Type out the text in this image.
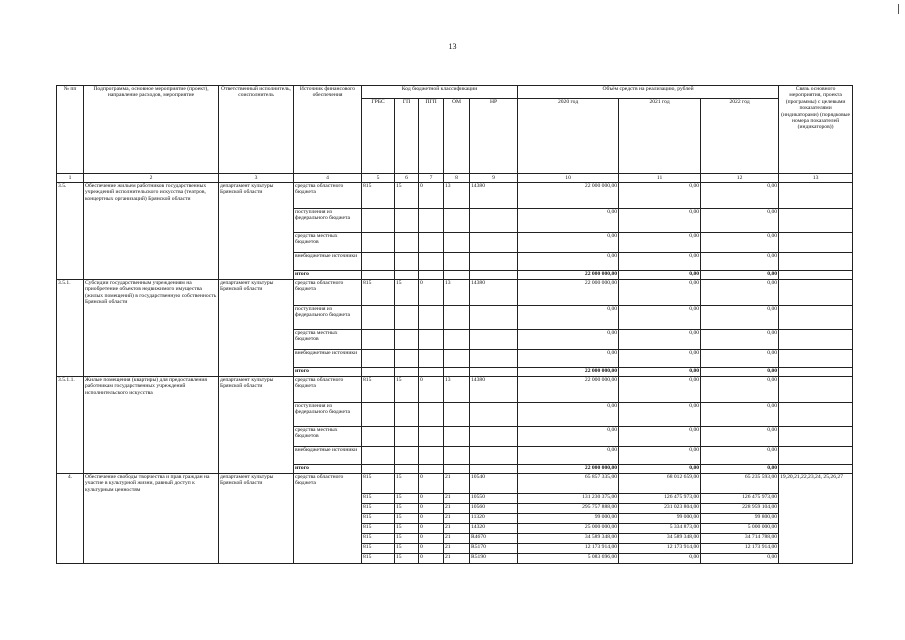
13
№ пп	Подпрограмма, основное мероприятие (проект), направление расходов, мероприятие	Ответственный исполнитель, соисполнитель	Источник финансового обеспечения	Код бюджетной классификации					Объём средств на реализацию, рублей			Связь основного мероприятия, проекта (программы) с целевыми показателями (индикаторами) (порядковые номера показателей (индикаторов))
				ГРБС	ГП	ПГП	ОМ	НР	2020 год	2021 год	2022 год	
1	2	3	4	5	6	7	8	9	10	11	12	13
3.5.	Обеспечение жильем работников государственных учреждений исполнительского искусства (театров, концертных организаций) Брянской области	департамент культуры Брянской области	средства областного бюджета	815	15	0	13	14380	22 000 000,00	0,00	0,00	
			поступления из федерального бюджета						0,00	0,00	0,00	
			средства местных бюджетов						0,00	0,00	0,00	
			внебюджетные источники						0,00	0,00	0,00	
			итого						22 000 000,00	0,00	0,00	
3.5.1.	Субсидии государственным учреждениям на приобретение объектов недвижимого имущества (жилых помещений) в государственную собственность Брянской области	департамент культуры Брянской области	средства областного бюджета	815	15	0	13	14380	22 000 000,00	0,00	0,00	
			поступления из федерального бюджета						0,00	0,00	0,00	
			средства местных бюджетов						0,00	0,00	0,00	
			внебюджетные источники						0,00	0,00	0,00	
			итого						22 000 000,00	0,00	0,00	
3.5.1.1.	Жилые помещения (квартиры) для предоставления работникам государственных учреждений исполнительского искусства	департамент культуры Брянской области	средства областного бюджета	815	15	0	13	14380	22 000 000,00	0,00	0,00	
			поступления из федерального бюджета						0,00	0,00	0,00	
			средства местных бюджетов						0,00	0,00	0,00	
			внебюджетные источники						0,00	0,00	0,00	
			итого						22 000 000,00	0,00	0,00	
4.	Обеспечение свободы творчества и прав граждан на участие в культурной жизни, равный доступ к культурным ценностям	департамент культуры Брянской области	средства областного бюджета	815	15	0	21	10540	65 857 335,00	68 012 659,00	65 235 593,00	19,20,21,22,23,24, 25,26,27
				815	15	0	21	10550	131 230 375,00	126 475 973,00	126 475 973,00	
				815	15	0	21	10560	295 757 888,00	231 023 804,00	228 959 104,00	
				815	15	0	21	11320	99 000,00	99 000,00	99 800,00	
				815	15	0	21	14320	25 000 000,00	5 334 873,00	5 000 000,00	
				815	15	0	21	R4670	34 589 348,00	34 589 348,00	34 714 788,00	
				815	15	0	21	R5170	12 173 914,00	12 173 914,00	12 173 914,00	
				815	15	0	21	R5190	5 083 696,00	0,00	0,00	
